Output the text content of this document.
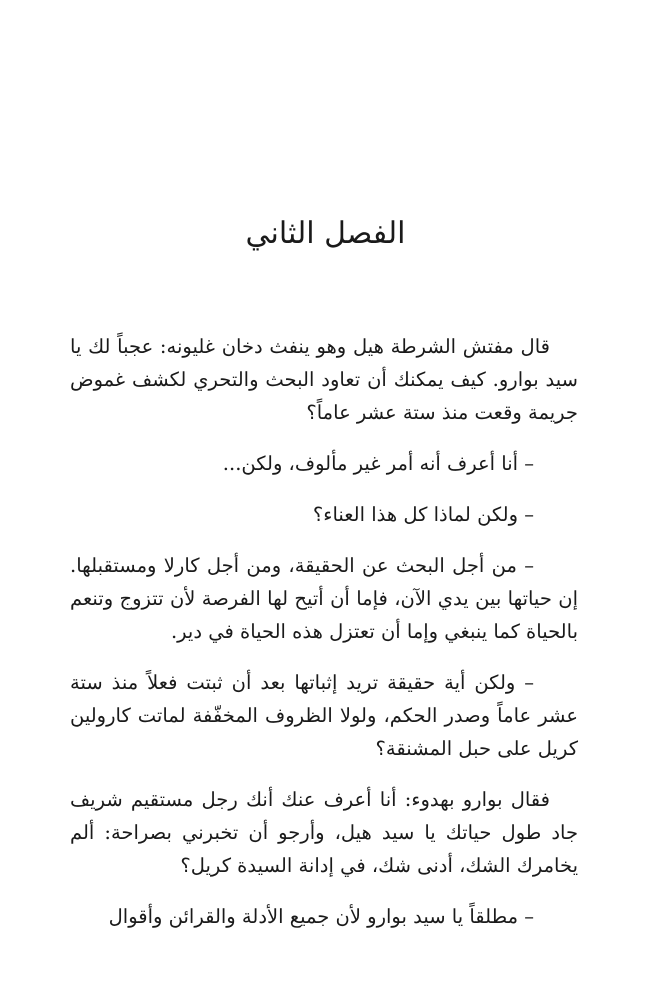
الفصل الثاني

قال مفتش الشرطة هيل وهو ينفث دخان غليونه: عجباً لك يا سيد بوارو. كيف يمكنك أن تعاود البحث والتحري لكشف غموض جريمة وقعت منذ ستة عشر عاماً؟

– أنا أعرف أنه أمر غير مألوف، ولكن...

– ولكن لماذا كل هذا العناء؟

– من أجل البحث عن الحقيقة، ومن أجل كارلا ومستقبلها. إن حياتها بين يدي الآن، فإما أن أتيح لها الفرصة لأن تتزوج وتنعم بالحياة كما ينبغي وإما أن تعتزل هذه الحياة في دير.

– ولكن أية حقيقة تريد إثباتها بعد أن ثبتت فعلاً منذ ستة عشر عاماً وصدر الحكم، ولولا الظروف المخفّفة لماتت كارولين كريل على حبل المشنقة؟

فقال بوارو بهدوء: أنا أعرف عنك أنك رجل مستقيم شريف جاد طول حياتك يا سيد هيل، وأرجو أن تخبرني بصراحة: ألم يخامرك الشك، أدنى شك، في إدانة السيدة كريل؟

– مطلقاً يا سيد بوارو لأن جميع الأدلة والقرائن وأقوال
